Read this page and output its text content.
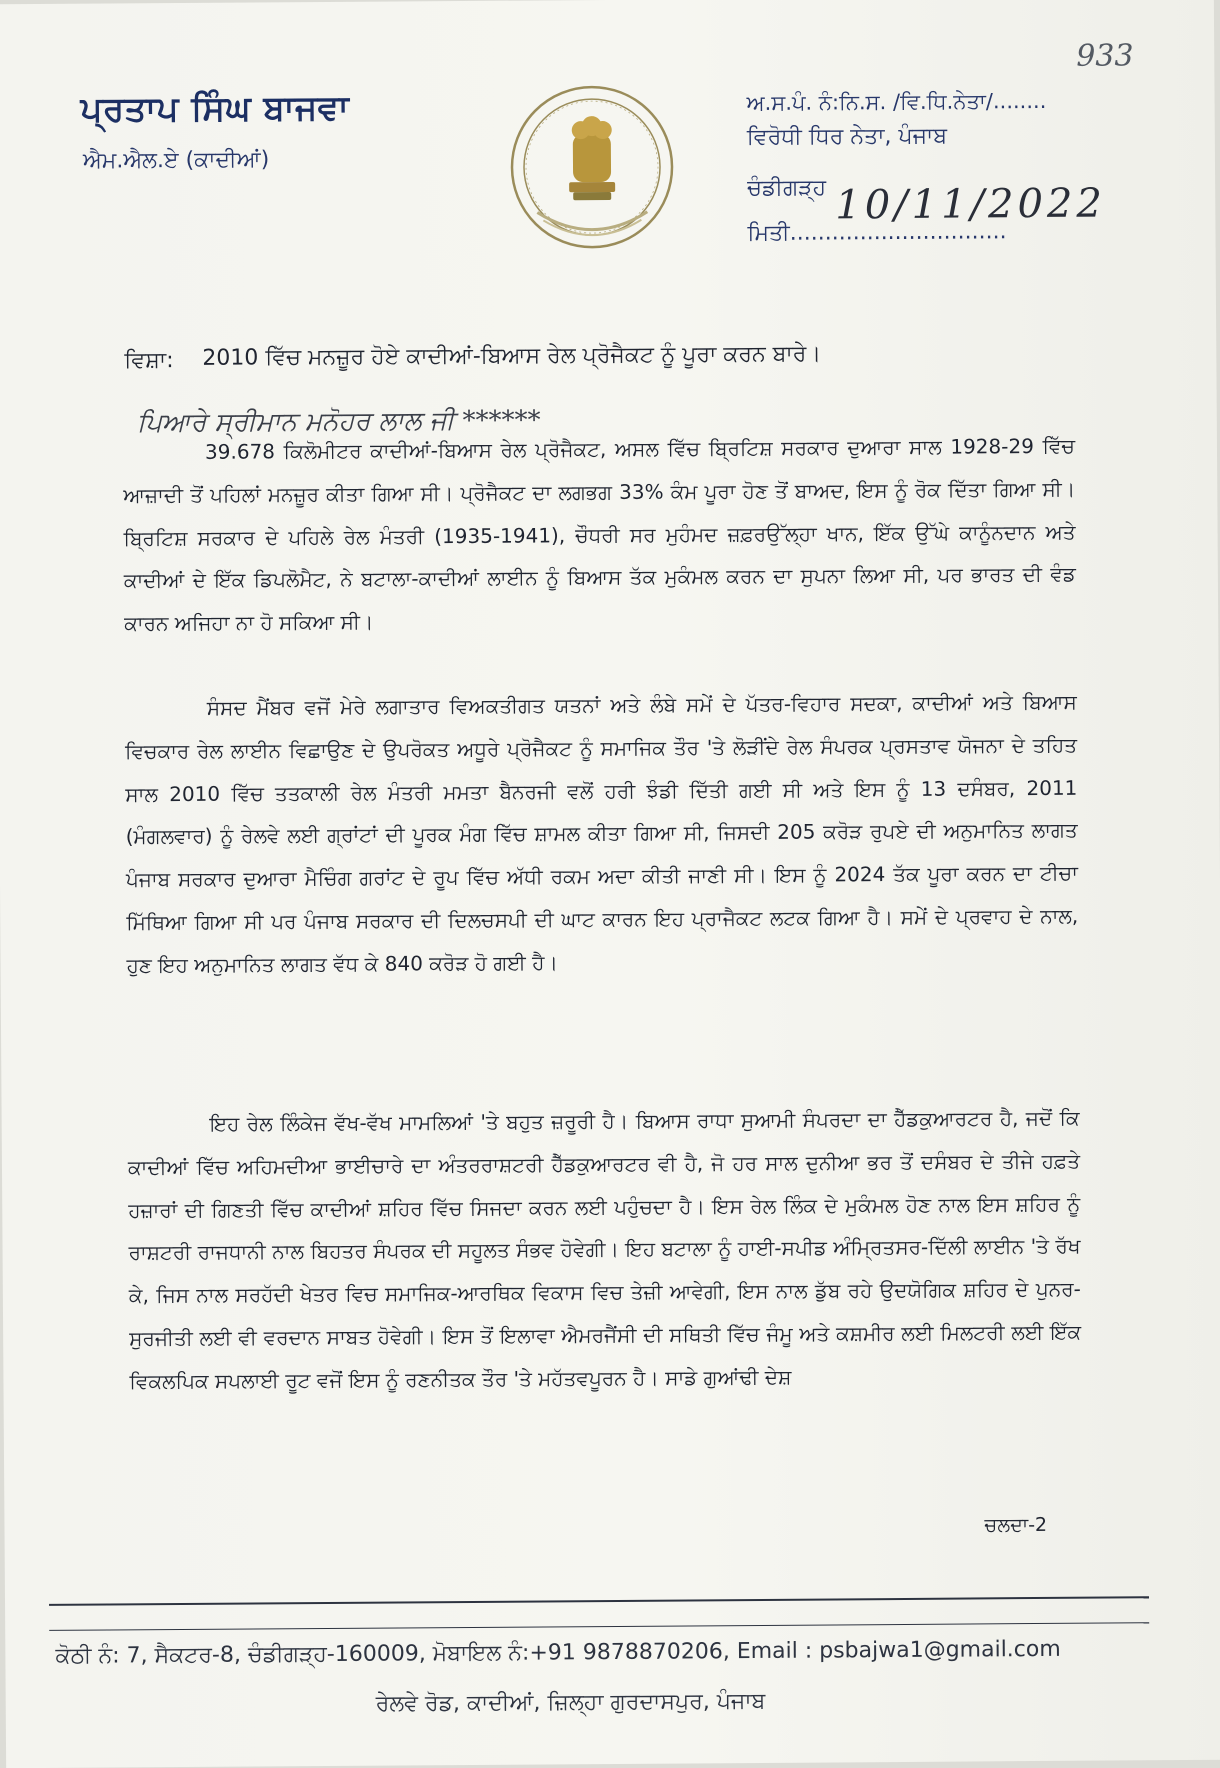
ਪ੍ਰਤਾਪ ਸਿੰਘ ਬਾਜਵਾ
ਐਮ.ਐਲ.ਏ (ਕਾਦੀਆਂ)
933
ਅ.ਸ.ਪੰ. ਨੰ:ਨਿ.ਸ. /ਵਿ.ਧਿ.ਨੇਤਾ/........
ਵਿਰੋਧੀ ਧਿਰ ਨੇਤਾ, ਪੰਜਾਬ
ਚੰਡੀਗੜ੍ਹ
ਮਿਤੀ...............................
10/11/2022
ਵਿਸ਼ਾ: 2010 ਵਿੱਚ ਮਨਜ਼ੂਰ ਹੋਏ ਕਾਦੀਆਂ-ਬਿਆਸ ਰੇਲ ਪ੍ਰੋਜੈਕਟ ਨੂੰ ਪੂਰਾ ਕਰਨ ਬਾਰੇ।
ਪਿਆਰੇ ਸ੍ਰੀਮਾਨ ਮਨੋਹਰ ਲਾਲ ਜੀ ******

39.678 ਕਿਲੋਮੀਟਰ ਕਾਦੀਆਂ-ਬਿਆਸ ਰੇਲ ਪ੍ਰੋਜੈਕਟ, ਅਸਲ ਵਿੱਚ ਬ੍ਰਿਟਿਸ਼ ਸਰਕਾਰ ਦੁਆਰਾ ਸਾਲ 1928-29 ਵਿੱਚ ਆਜ਼ਾਦੀ ਤੋਂ ਪਹਿਲਾਂ ਮਨਜ਼ੂਰ ਕੀਤਾ ਗਿਆ ਸੀ। ਪ੍ਰੋਜੈਕਟ ਦਾ ਲਗਭਗ 33% ਕੰਮ ਪੂਰਾ ਹੋਣ ਤੋਂ ਬਾਅਦ, ਇਸ ਨੂੰ ਰੋਕ ਦਿੱਤਾ ਗਿਆ ਸੀ। ਬ੍ਰਿਟਿਸ਼ ਸਰਕਾਰ ਦੇ ਪਹਿਲੇ ਰੇਲ ਮੰਤਰੀ (1935-1941), ਚੌਧਰੀ ਸਰ ਮੁਹੰਮਦ ਜ਼ਫ਼ਰਉੱਲ੍ਹਾ ਖਾਨ, ਇੱਕ ਉੱਘੇ ਕਾਨੂੰਨਦਾਨ ਅਤੇ ਕਾਦੀਆਂ ਦੇ ਇੱਕ ਡਿਪਲੋਮੈਟ, ਨੇ ਬਟਾਲਾ-ਕਾਦੀਆਂ ਲਾਈਨ ਨੂੰ ਬਿਆਸ ਤੱਕ ਮੁਕੰਮਲ ਕਰਨ ਦਾ ਸੁਪਨਾ ਲਿਆ ਸੀ, ਪਰ ਭਾਰਤ ਦੀ ਵੰਡ ਕਾਰਨ ਅਜਿਹਾ ਨਾ ਹੋ ਸਕਿਆ ਸੀ।

ਸੰਸਦ ਮੈਂਬਰ ਵਜੋਂ ਮੇਰੇ ਲਗਾਤਾਰ ਵਿਅਕਤੀਗਤ ਯਤਨਾਂ ਅਤੇ ਲੰਬੇ ਸਮੇਂ ਦੇ ਪੱਤਰ-ਵਿਹਾਰ ਸਦਕਾ, ਕਾਦੀਆਂ ਅਤੇ ਬਿਆਸ ਵਿਚਕਾਰ ਰੇਲ ਲਾਈਨ ਵਿਛਾਉਣ ਦੇ ਉਪਰੋਕਤ ਅਧੂਰੇ ਪ੍ਰੋਜੈਕਟ ਨੂੰ ਸਮਾਜਿਕ ਤੌਰ 'ਤੇ ਲੋੜੀਂਦੇ ਰੇਲ ਸੰਪਰਕ ਪ੍ਰਸਤਾਵ ਯੋਜਨਾ ਦੇ ਤਹਿਤ ਸਾਲ 2010 ਵਿੱਚ ਤਤਕਾਲੀ ਰੇਲ ਮੰਤਰੀ ਮਮਤਾ ਬੈਨਰਜੀ ਵਲੋਂ ਹਰੀ ਝੰਡੀ ਦਿੱਤੀ ਗਈ ਸੀ ਅਤੇ ਇਸ ਨੂੰ 13 ਦਸੰਬਰ, 2011 (ਮੰਗਲਵਾਰ) ਨੂੰ ਰੇਲਵੇ ਲਈ ਗ੍ਰਾਂਟਾਂ ਦੀ ਪੂਰਕ ਮੰਗ ਵਿੱਚ ਸ਼ਾਮਲ ਕੀਤਾ ਗਿਆ ਸੀ, ਜਿਸਦੀ 205 ਕਰੋੜ ਰੁਪਏ ਦੀ ਅਨੁਮਾਨਿਤ ਲਾਗਤ ਪੰਜਾਬ ਸਰਕਾਰ ਦੁਆਰਾ ਮੈਚਿੰਗ ਗਰਾਂਟ ਦੇ ਰੂਪ ਵਿੱਚ ਅੱਧੀ ਰਕਮ ਅਦਾ ਕੀਤੀ ਜਾਣੀ ਸੀ। ਇਸ ਨੂੰ 2024 ਤੱਕ ਪੂਰਾ ਕਰਨ ਦਾ ਟੀਚਾ ਮਿੱਥਿਆ ਗਿਆ ਸੀ ਪਰ ਪੰਜਾਬ ਸਰਕਾਰ ਦੀ ਦਿਲਚਸਪੀ ਦੀ ਘਾਟ ਕਾਰਨ ਇਹ ਪ੍ਰਾਜੈਕਟ ਲਟਕ ਗਿਆ ਹੈ। ਸਮੇਂ ਦੇ ਪ੍ਰਵਾਹ ਦੇ ਨਾਲ, ਹੁਣ ਇਹ ਅਨੁਮਾਨਿਤ ਲਾਗਤ ਵੱਧ ਕੇ 840 ਕਰੋੜ ਹੋ ਗਈ ਹੈ।

ਇਹ ਰੇਲ ਲਿੰਕੇਜ ਵੱਖ-ਵੱਖ ਮਾਮਲਿਆਂ 'ਤੇ ਬਹੁਤ ਜ਼ਰੂਰੀ ਹੈ। ਬਿਆਸ ਰਾਧਾ ਸੁਆਮੀ ਸੰਪਰਦਾ ਦਾ ਹੈੱਡਕੁਆਰਟਰ ਹੈ, ਜਦੋਂ ਕਿ ਕਾਦੀਆਂ ਵਿੱਚ ਅਹਿਮਦੀਆ ਭਾਈਚਾਰੇ ਦਾ ਅੰਤਰਰਾਸ਼ਟਰੀ ਹੈੱਡਕੁਆਰਟਰ ਵੀ ਹੈ, ਜੋ ਹਰ ਸਾਲ ਦੁਨੀਆ ਭਰ ਤੋਂ ਦਸੰਬਰ ਦੇ ਤੀਜੇ ਹਫ਼ਤੇ ਹਜ਼ਾਰਾਂ ਦੀ ਗਿਣਤੀ ਵਿੱਚ ਕਾਦੀਆਂ ਸ਼ਹਿਰ ਵਿੱਚ ਸਿਜਦਾ ਕਰਨ ਲਈ ਪਹੁੰਚਦਾ ਹੈ। ਇਸ ਰੇਲ ਲਿੰਕ ਦੇ ਮੁਕੰਮਲ ਹੋਣ ਨਾਲ ਇਸ ਸ਼ਹਿਰ ਨੂੰ ਰਾਸ਼ਟਰੀ ਰਾਜਧਾਨੀ ਨਾਲ ਬਿਹਤਰ ਸੰਪਰਕ ਦੀ ਸਹੂਲਤ ਸੰਭਵ ਹੋਵੇਗੀ। ਇਹ ਬਟਾਲਾ ਨੂੰ ਹਾਈ-ਸਪੀਡ ਅੰਮ੍ਰਿਤਸਰ-ਦਿੱਲੀ ਲਾਈਨ 'ਤੇ ਰੱਖ ਕੇ, ਜਿਸ ਨਾਲ ਸਰਹੱਦੀ ਖੇਤਰ ਵਿਚ ਸਮਾਜਿਕ-ਆਰਥਿਕ ਵਿਕਾਸ ਵਿਚ ਤੇਜ਼ੀ ਆਵੇਗੀ, ਇਸ ਨਾਲ ਡੁੱਬ ਰਹੇ ਉਦਯੋਗਿਕ ਸ਼ਹਿਰ ਦੇ ਪੁਨਰ-ਸੁਰਜੀਤੀ ਲਈ ਵੀ ਵਰਦਾਨ ਸਾਬਤ ਹੋਵੇਗੀ। ਇਸ ਤੋਂ ਇਲਾਵਾ ਐਮਰਜੈਂਸੀ ਦੀ ਸਥਿਤੀ ਵਿੱਚ ਜੰਮੂ ਅਤੇ ਕਸ਼ਮੀਰ ਲਈ ਮਿਲਟਰੀ ਲਈ ਇੱਕ ਵਿਕਲਪਿਕ ਸਪਲਾਈ ਰੂਟ ਵਜੋਂ ਇਸ ਨੂੰ ਰਣਨੀਤਕ ਤੌਰ 'ਤੇ ਮਹੱਤਵਪੂਰਨ ਹੈ। ਸਾਡੇ ਗੁਆਂਢੀ ਦੇਸ਼

ਚਲਦਾ-2
ਕੋਠੀ ਨੰ: 7, ਸੈਕਟਰ-8, ਚੰਡੀਗੜ੍ਹ-160009, ਮੋਬਾਇਲ ਨੰ:+91 9878870206, Email : psbajwa1@gmail.com
ਰੇਲਵੇ ਰੋਡ, ਕਾਦੀਆਂ, ਜ਼ਿਲ੍ਹਾ ਗੁਰਦਾਸਪੁਰ, ਪੰਜਾਬ
